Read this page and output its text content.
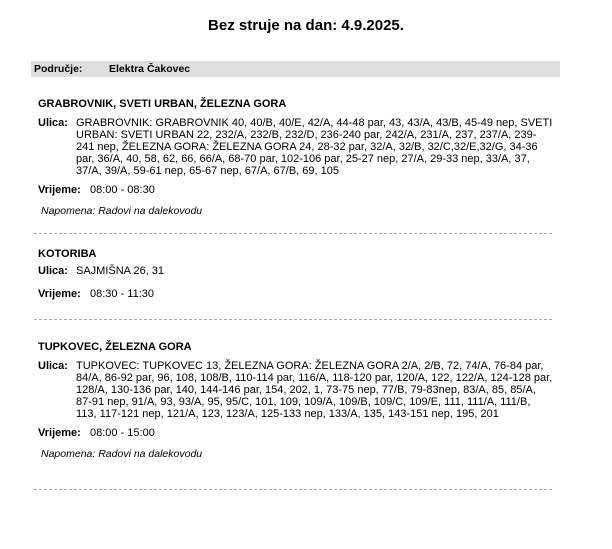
Bez struje na dan: 4.9.2025.
Područje:	Elektra Čakovec
GRABROVNIK, SVETI URBAN, ŽELEZNA GORA
Ulica: GRABROVNIK: GRABROVNIK 40, 40/B, 40/E, 42/A, 44-48 par, 43, 43/A, 43/B, 45-49 nep, SVETI URBAN: SVETI URBAN 22, 232/A, 232/B, 232/D, 236-240 par, 242/A, 231/A, 237, 237/A, 239-241 nep, ŽELEZNA GORA: ŽELEZNA GORA 24, 28-32 par, 32/A, 32/B, 32/C,32/E,32/G, 34-36 par, 36/A, 40, 58, 62, 66, 66/A, 68-70 par, 102-106 par, 25-27 nep, 27/A, 29-33 nep, 33/A, 37, 37/A, 39/A, 59-61 nep, 65-67 nep, 67/A, 67/B, 69, 105
Vrijeme: 08:00 - 08:30
Napomena: Radovi na dalekovodu
KOTORIBA
Ulica: SAJMIŠNA 26, 31
Vrijeme: 08:30 - 11:30
TUPKOVEC, ŽELEZNA GORA
Ulica: TUPKOVEC: TUPKOVEC 13, ŽELEZNA GORA: ŽELEZNA GORA 2/A, 2/B, 72, 74/A, 76-84 par, 84/A, 86-92 par, 96, 108, 108/B, 110-114 par, 116/A, 118-120 par, 120/A, 122, 122/A, 124-128 par, 128/A, 130-136 par, 140, 144-146 par, 154, 202, 1, 73-75 nep, 77/B, 79-83nep, 83/A, 85, 85/A, 87-91 nep, 91/A, 93, 93/A, 95, 95/C, 101, 109, 109/A, 109/B, 109/C, 109/E, 111, 111/A, 111/B, 113, 117-121 nep, 121/A, 123, 123/A, 125-133 nep, 133/A, 135, 143-151 nep, 195, 201
Vrijeme: 08:00 - 15:00
Napomena: Radovi na dalekovodu
